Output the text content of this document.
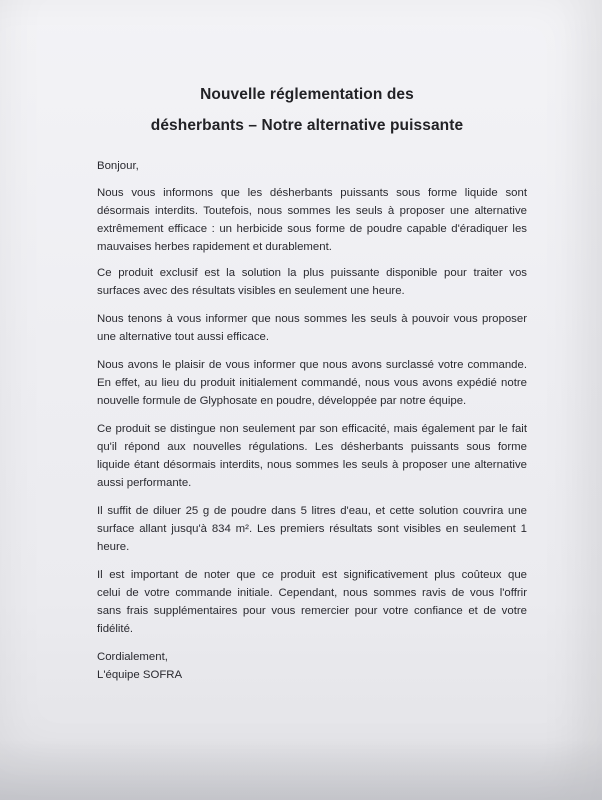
Nouvelle réglementation des
désherbants – Notre alternative puissante
Bonjour,
Nous vous informons que les désherbants puissants sous forme liquide sont
désormais interdits. Toutefois, nous sommes les seuls à proposer une alternative
extrêmement efficace : un herbicide sous forme de poudre capable d'éradiquer les
mauvaises herbes rapidement et durablement.
Ce produit exclusif est la solution la plus puissante disponible pour traiter vos
surfaces avec des résultats visibles en seulement une heure.
Nous tenons à vous informer que nous sommes les seuls à pouvoir vous proposer
une alternative tout aussi efficace.
Nous avons le plaisir de vous informer que nous avons surclassé votre commande.
En effet, au lieu du produit initialement commandé, nous vous avons expédié notre
nouvelle formule de Glyphosate en poudre, développée par notre équipe.
Ce produit se distingue non seulement par son efficacité, mais également par le fait
qu'il répond aux nouvelles régulations. Les désherbants puissants sous forme
liquide étant désormais interdits, nous sommes les seuls à proposer une alternative
aussi performante.
Il suffit de diluer 25 g de poudre dans 5 litres d'eau, et cette solution couvrira une
surface allant jusqu'à 834 m². Les premiers résultats sont visibles en seulement 1
heure.
Il est important de noter que ce produit est significativement plus coûteux que
celui de votre commande initiale. Cependant, nous sommes ravis de vous l'offrir
sans frais supplémentaires pour vous remercier pour votre confiance et de votre
fidélité.
Cordialement,
L'équipe SOFRA
